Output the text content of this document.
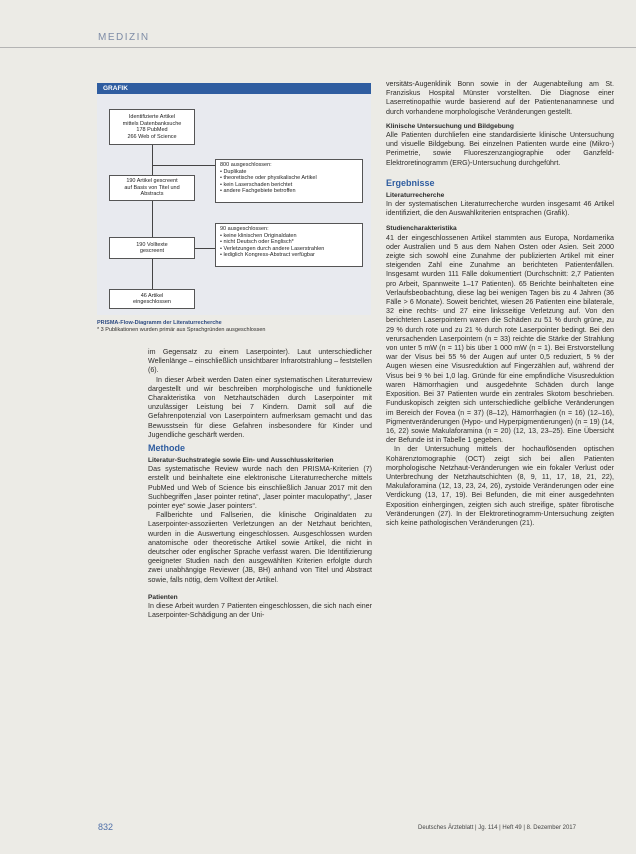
MEDIZIN
GRAFIK
Identifizierte Artikel
mittels Datenbanksuche
178 PubMed
266 Web of Science
190 Artikel gescreent
auf Basis von Titel und
Abstracts
800 ausgeschlossen:
• Duplikate
• theoretische oder physikalische Artikel
• kein Laserschaden berichtet
• andere Fachgebiete betroffen
190 Volltexte
gescreent
90 ausgeschlossen:
• keine klinischen Originaldaten
• nicht Deutsch oder Englisch*
• Verletzungen durch andere Laserstrahlen
• lediglich Kongress-Abstract verfügbar
46 Artikel
eingeschlossen
PRISMA-Flow-Diagramm der Literaturrecherche
* 3 Publikationen wurden primär aus Sprachgründen ausgeschlossen

im Gegensatz zu einem Laserpointer). Laut unterschiedlicher Wellenlänge – einschließlich unsichtbarer Infrarotstrahlung – feststellen (6).

In dieser Arbeit werden Daten einer systematischen Literaturreview dargestellt und wir beschreiben morphologische und funktionelle Charakteristika von Netzhautschäden durch Laserpointer mit unzulässiger Leistung bei 7 Kindern. Damit soll auf die Gefahrenpotenzial von Laserpointern aufmerksam gemacht und das Bewusstsein für diese Gefahren insbesondere für Kinder und Jugendliche geschärft werden.

Methode
Literatur-Suchstrategie sowie Ein- und Ausschlusskriterien

Das systematische Review wurde nach den PRISMA-Kriterien (7) erstellt und beinhaltete eine elektronische Literaturrecherche mittels PubMed und Web of Science bis einschließlich Januar 2017 mit den Suchbegriffen „laser pointer retina“, „laser pointer maculopathy“, „laser pointer eye“ sowie „laser pointers“.

Fallberichte und Fallserien, die klinische Originaldaten zu Laserpointer-assoziierten Verletzungen an der Netzhaut berichten, wurden in die Auswertung eingeschlossen. Ausgeschlossen wurden anatomische oder theoretische Artikel sowie Artikel, die nicht in deutscher oder englischer Sprache verfasst waren. Die Identifizierung geeigneter Studien nach den ausgewählten Kriterien erfolgte durch zwei unabhängige Reviewer (JB, BH) anhand von Titel und Abstract sowie, falls nötig, dem Volltext der Artikel.

Patienten

In diese Arbeit wurden 7 Patienten eingeschlossen, die sich nach einer Laserpointer-Schädigung an der Uni-

versitäts-Augenklinik Bonn sowie in der Augenabteilung am St. Franziskus Hospital Münster vorstellten. Die Diagnose einer Laserretinopathie wurde basierend auf der Patientenanamnese und durch vorhandene morphologische Veränderungen gestellt.

Klinische Untersuchung und Bildgebung

Alle Patienten durchliefen eine standardisierte klinische Untersuchung und visuelle Bildgebung. Bei einzelnen Patienten wurde eine (Mikro-) Perimetrie, sowie Fluoreszenzangiographie oder Ganzfeld-Elektroretinogramm (ERG)-Untersuchung durchgeführt.

Ergebnisse
Literaturrecherche

In der systematischen Literaturrecherche wurden insgesamt 46 Artikel identifiziert, die den Auswahlkriterien entsprachen (Grafik).

Studiencharakteristika

41 der eingeschlossenen Artikel stammten aus Europa, Nordamerika oder Australien und 5 aus dem Nahen Osten oder Asien. Seit 2000 zeigte sich sowohl eine Zunahme der publizierten Artikel mit einer steigenden Zahl eine Zunahme an berichteten Patientenfällen. Insgesamt wurden 111 Fälle dokumentiert (Durchschnitt: 2,7 Patienten pro Arbeit, Spannweite 1–17 Patienten). 65 Berichte beinhalteten eine Verlaufsbeobachtung, diese lag bei wenigen Tagen bis zu 4 Jahren (36 Fälle > 6 Monate). Soweit berichtet, wiesen 26 Patienten eine bilaterale, 32 eine rechts- und 27 eine linksseitige Verletzung auf. Von den berichteten Laserpointern waren die Schäden zu 51 % durch grüne, zu 29 % durch rote und zu 21 % durch rote Laserpointer bedingt. Bei den verursachenden Laserpointern (n = 33) reichte die Stärke der Strahlung von unter 5 mW (n = 11) bis über 1 000 mW (n = 1). Bei Erstvorstellung war der Visus bei 55 % der Augen auf unter 0,5 reduziert, 5 % der Augen wiesen eine Visusreduktion auf Fingerzählen auf, während der Visus bei 9 % bei 1,0 lag. Gründe für eine empfindliche Visusreduktion waren Hämorrhagien und ausgedehnte Schäden durch lange Exposition. Bei 37 Patienten wurde ein zentrales Skotom beschrieben. Funduskopisch zeigten sich unterschiedliche gelbliche Veränderungen im Bereich der Fovea (n = 37) (8–12), Hämorrhagien (n = 16) (12–16), Pigmentveränderungen (Hypo- und Hyperpigmentierungen) (n = 19) (14, 16, 22) sowie Makulaforamina (n = 20) (12, 13, 23–25). Eine Übersicht der Befunde ist in Tabelle 1 gegeben.

In der Untersuchung mittels der hochauflösenden optischen Kohärenztomographie (OCT) zeigt sich bei allen Patienten morphologische Netzhaut-Veränderungen wie ein fokaler Verlust oder Unterbrechung der Netzhautschichten (8, 9, 11, 17, 18, 21, 22), Makulaforamina (12, 13, 23, 24, 26), zystoide Veränderungen oder eine Verdickung (13, 17, 19). Bei Befunden, die mit einer ausgedehnten Exposition einhergingen, zeigten sich auch streifige, später fibrotische Veränderungen (27). In der Elektroretinogramm-Untersuchung zeigten sich keine pathologischen Veränderungen (21).

832	Deutsches Ärzteblatt | Jg. 114 | Heft 49 | 8. Dezember 2017
